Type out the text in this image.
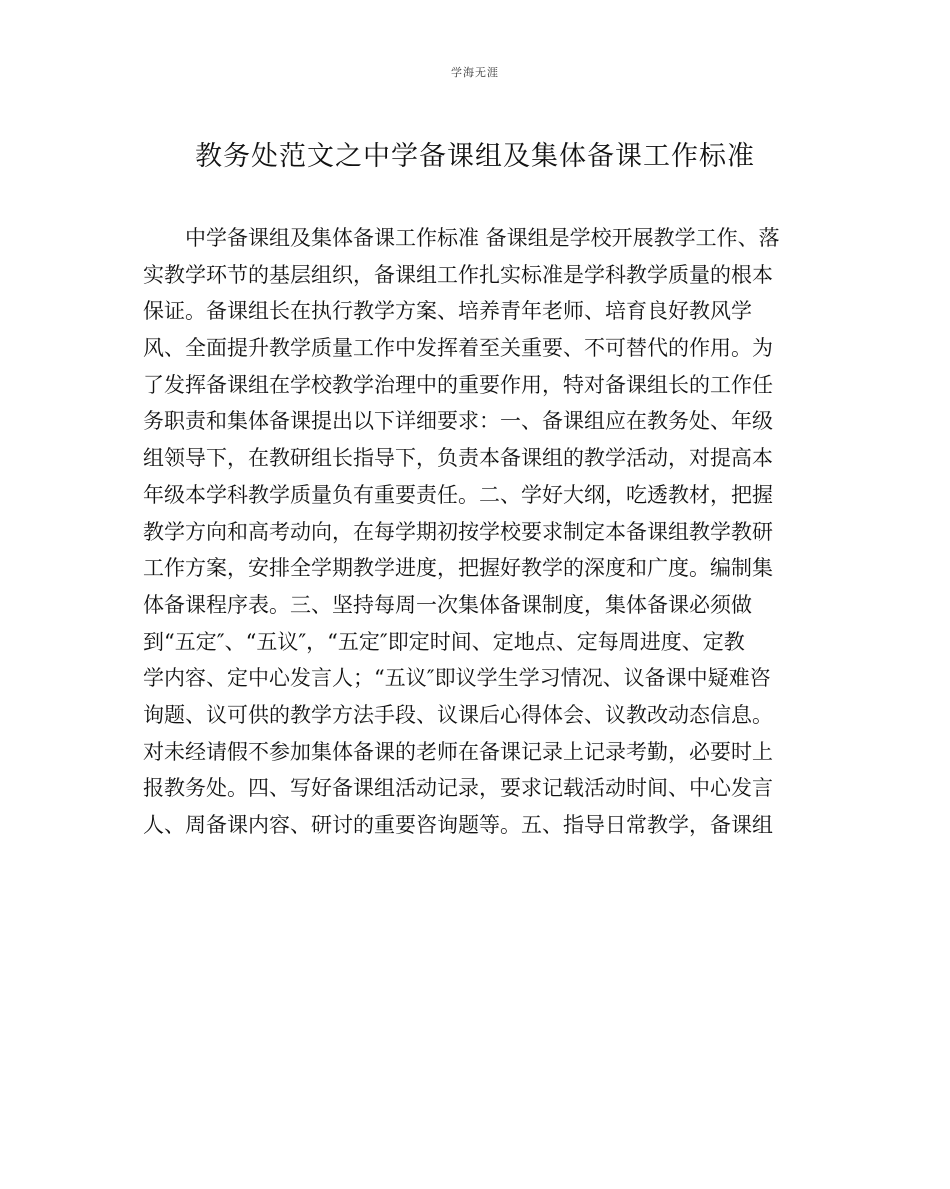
学海无涯
教务处范文之中学备课组及集体备课工作标准
中学备课组及集体备课工作标准 备课组是学校开展教学工作、落
实教学环节的基层组织，备课组工作扎实标准是学科教学质量的根本
保证。备课组长在执行教学方案、培养青年老师、培育良好教风学
风、全面提升教学质量工作中发挥着至关重要、不可替代的作用。为
了发挥备课组在学校教学治理中的重要作用，特对备课组长的工作任
务职责和集体备课提出以下详细要求：一、备课组应在教务处、年级
组领导下，在教研组长指导下，负责本备课组的教学活动，对提高本
年级本学科教学质量负有重要责任。二、学好大纲，吃透教材，把握
教学方向和高考动向，在每学期初按学校要求制定本备课组教学教研
工作方案，安排全学期教学进度，把握好教学的深度和广度。编制集
体备课程序表。三、坚持每周一次集体备课制度，集体备课必须做
到“五定″、“五议″，“五定″即定时间、定地点、定每周进度、定教
学内容、定中心发言人；“五议″即议学生学习情况、议备课中疑难咨
询题、议可供的教学方法手段、议课后心得体会、议教改动态信息。
对未经请假不参加集体备课的老师在备课记录上记录考勤，必要时上
报教务处。四、写好备课组活动记录，要求记载活动时间、中心发言
人、周备课内容、研讨的重要咨询题等。五、指导日常教学，备课组
